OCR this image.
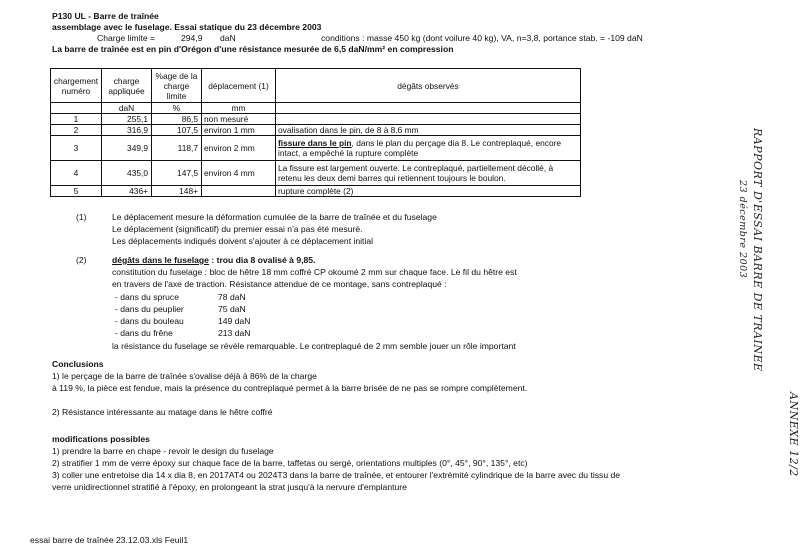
P130 UL - Barre de traînée
assemblage avec le fuselage. Essai statique du 23 décembre 2003
Charge limite =	294,9 daN	conditions : masse 450 kg (dont voilure 40 kg), VA, n=3,8, portance stab. = -109 daN
La barre de traînée est en pin d'Orégon d'une résistance mesurée de 6,5 daN/mm² en compression
chargement numéro	charge appliquée	%age de la charge limite	déplacement (1)	dégâts observés
	daN	%	mm	
1	255,1	86,5	non mesuré	
2	316,9	107,5	environ 1 mm	ovalisation dans le pin, de 8 à 8.6 mm
3	349,9	118,7	environ 2 mm	fissure dans le pin, dans le plan du perçage dia 8. Le contreplaqué, encore intact, a empêché la rupture complète
4	435,0	147,5	environ 4 mm	La fissure est largement ouverte. Le contreplaqué, partiellement décollé, à retenu les deux demi barres qui retiennent toujours le boulon.
5	436+	148+		rupture complète (2)
(1)	Le déplacement mesure la déformation cumulée de la barre de traînée et du fuselage
Le déplacement (significatif) du premier essai n'a pas été mesuré.
Les déplacements indiqués doivent s'ajouter à ce déplacement initial
(2)	dégâts dans le fuselage : trou dia 8 ovalisé à 9,85.
constitution du fuselage : bloc de hêtre 18 mm coffré CP okoumé 2 mm sur chaque face. Le fil du hêtre est
en travers de l'axe de traction. Résistance attendue de ce montage, sans contreplaqué :
- dans du spruce	78 daN
- dans du peuplier	75 daN
- dans du bouleau	149 daN
- dans du frêne	213 daN
la résistance du fuselage se révèle remarquable. Le contreplaqué de 2 mm semble jouer un rôle important
Conclusions
1) le perçage de la barre de traînée s'ovalise déjà à 86% de la charge
à 119 %, la pièce est fendue, mais la présence du contreplaqué permet à la barre brisée de ne pas se rompre complètement.
2) Résistance intéressante au matage dans le hêtre coffré
modifications possibles
1) prendre la barre en chape - revoir le design du fuselage
2) stratifier 1 mm de verre époxy sur chaque face de la barre, taffetas ou sergé, orientations multiples (0°, 45°, 90°, 135°, etc)
3) coller une entretoise dia 14 x dia 8, en 2017AT4 ou 2024T3 dans la barre de traînée, et entourer l'extrémité cylindrique de la barre avec du tissu de
verre unidirectionnel stratifié à l'époxy, en prolongeant la strat jusqu'à la nervure d'emplanture
RAPPORT D'ESSAI BARRE DE TRAINEE
23 décembre 2003
ANNEXE 12/2
essai barre de traînée 23.12.03.xls Feuil1
